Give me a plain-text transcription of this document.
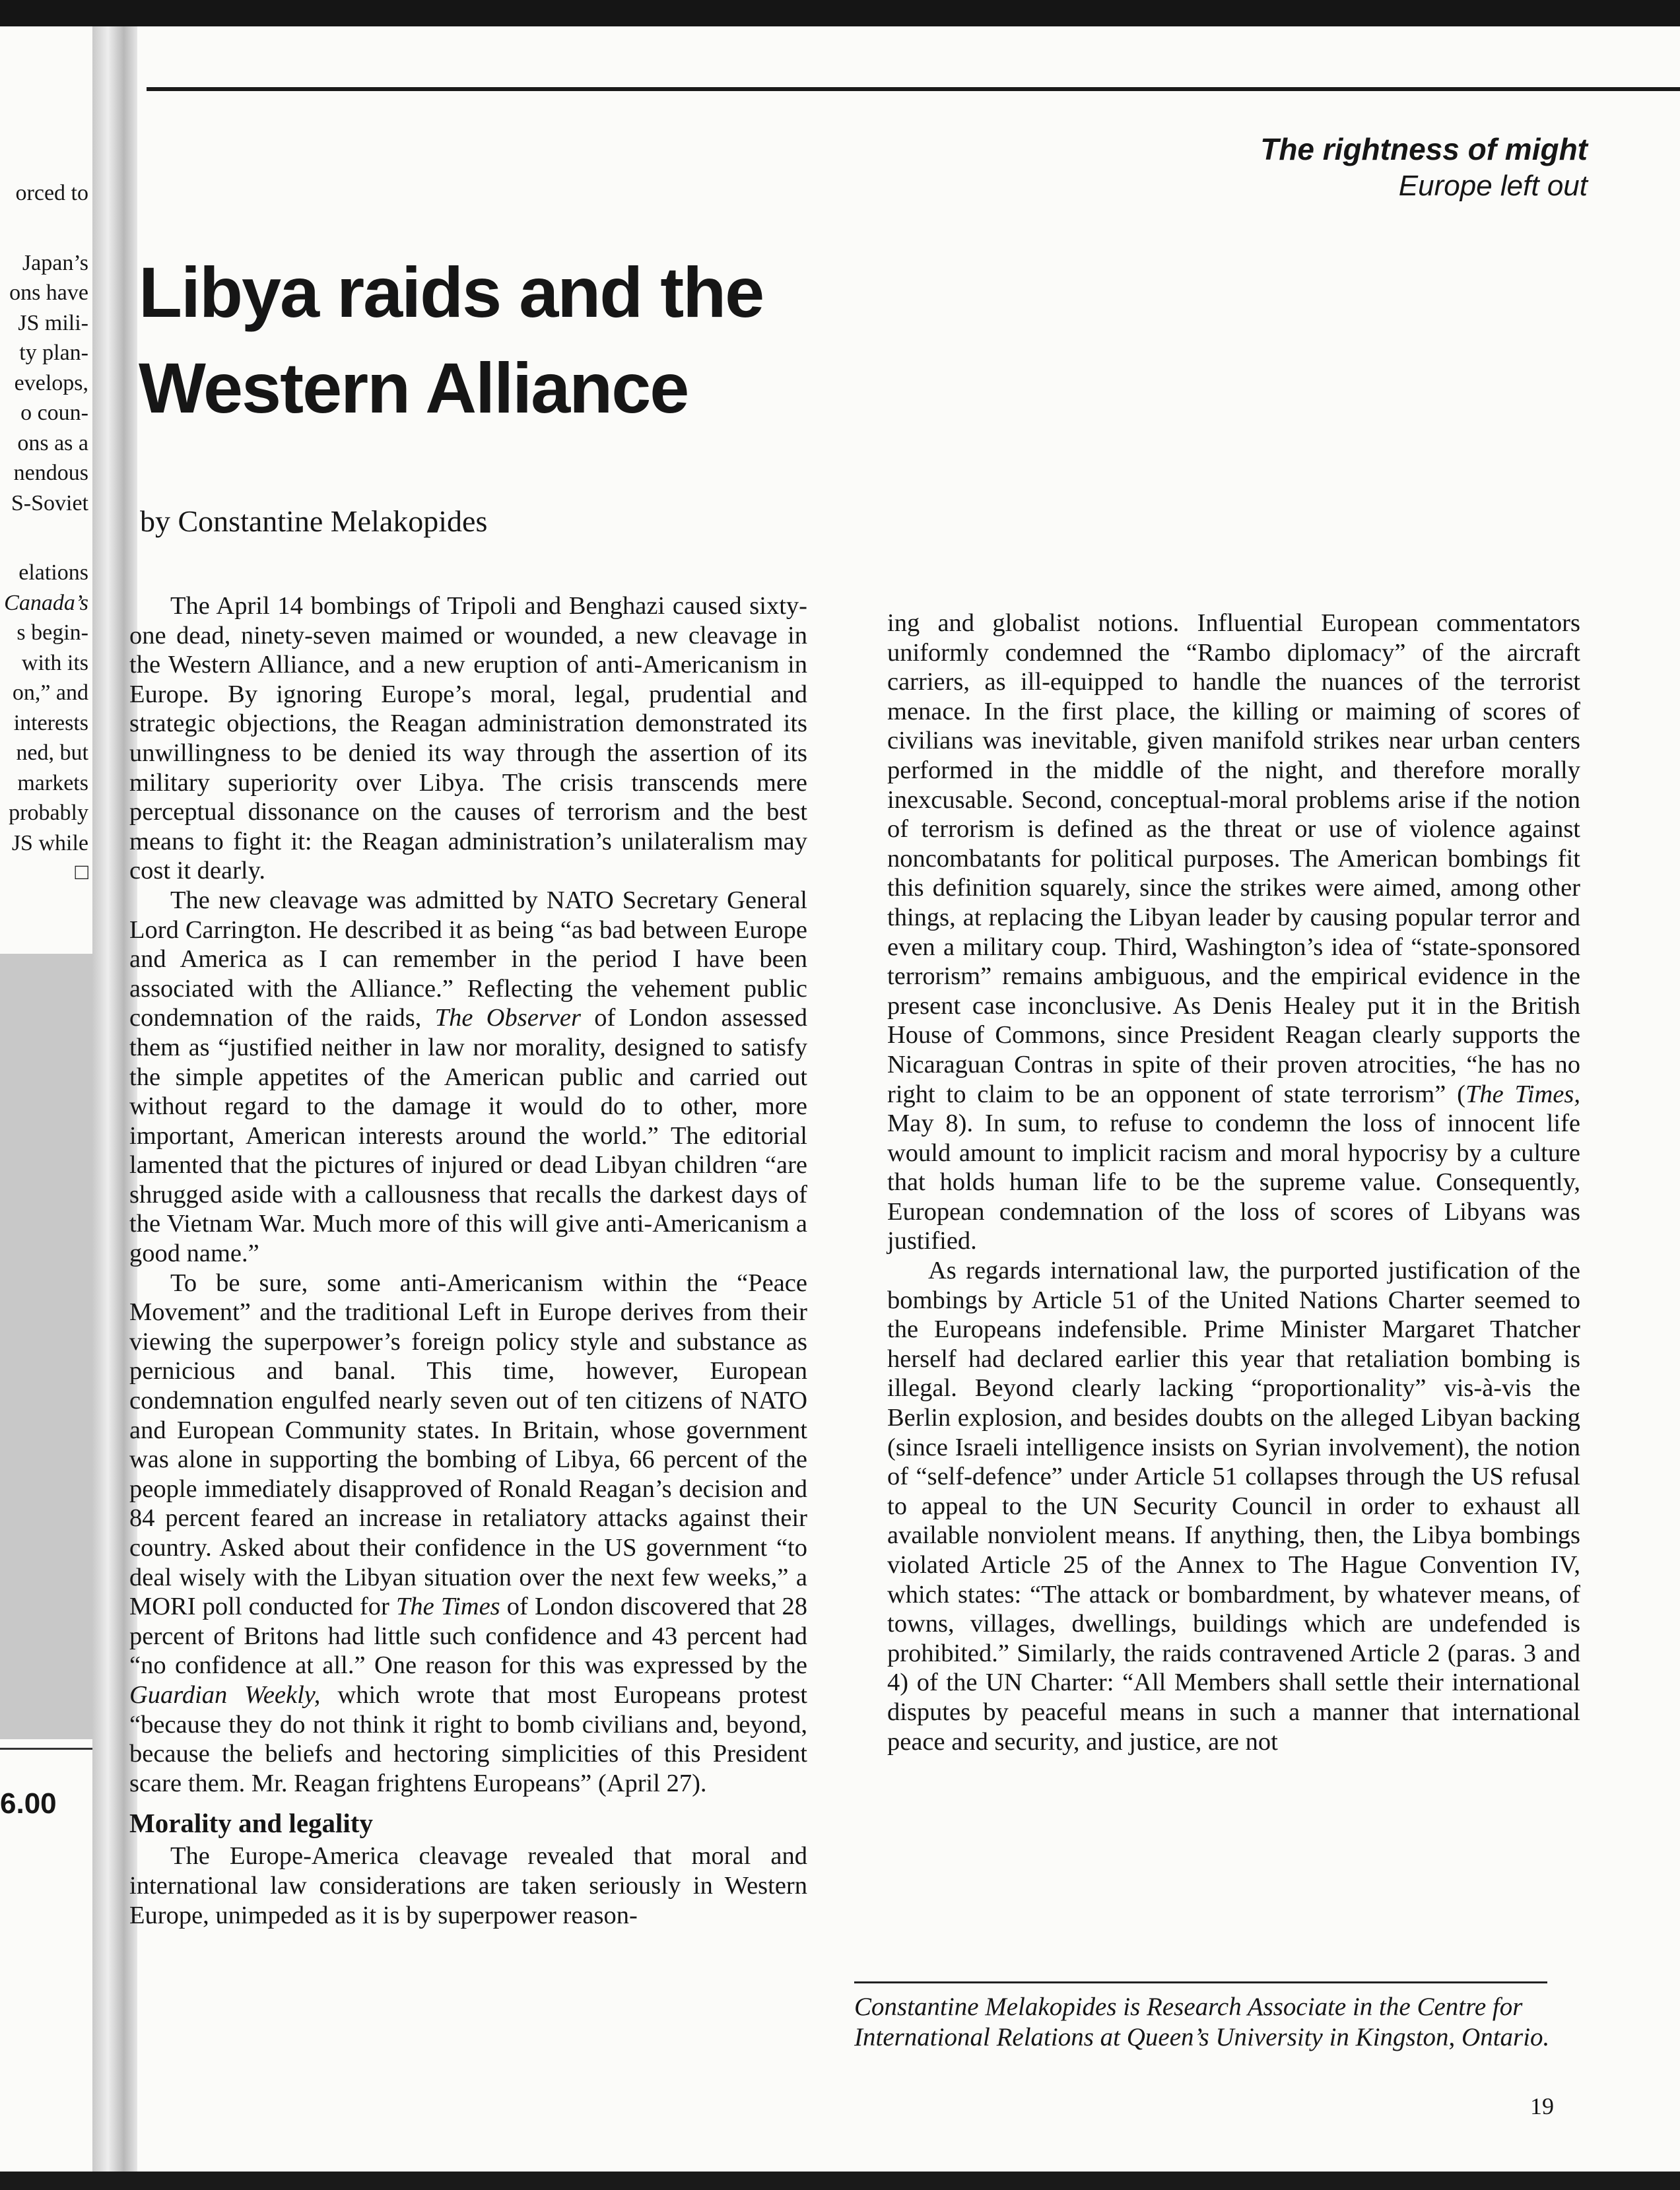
orced to
Japan’s
ons have
JS mili-
ty plan-
evelops,
o coun-
ons as a
nendous
S-Soviet
elations
Canada’s
s begin-
with its
on,” and
interests
ned, but
markets
probably
JS while
□
6.00
The rightness of might
Europe left out
Libya raids and the
Western Alliance
by Constantine Melakopides

The April 14 bombings of Tripoli and Benghazi caused sixty-one dead, ninety-seven maimed or wounded, a new cleavage in the Western Alliance, and a new eruption of anti-Americanism in Europe. By ignoring Europe’s moral, legal, prudential and strategic objections, the Reagan administration demonstrated its unwillingness to be denied its way through the assertion of its military superiority over Libya. The crisis transcends mere perceptual dissonance on the causes of terrorism and the best means to fight it: the Reagan administration’s unilateralism may cost it dearly.

The new cleavage was admitted by NATO Secretary General Lord Carrington. He described it as being “as bad between Europe and America as I can remember in the period I have been associated with the Alliance.” Reflecting the vehement public condemnation of the raids, The Observer of London assessed them as “justified neither in law nor morality, designed to satisfy the simple appetites of the American public and carried out without regard to the damage it would do to other, more important, American interests around the world.” The editorial lamented that the pictures of injured or dead Libyan children “are shrugged aside with a callousness that recalls the darkest days of the Vietnam War. Much more of this will give anti-Americanism a good name.”

To be sure, some anti-Americanism within the “Peace Movement” and the traditional Left in Europe derives from their viewing the superpower’s foreign policy style and substance as pernicious and banal. This time, however, European condemnation engulfed nearly seven out of ten citizens of NATO and European Community states. In Britain, whose government was alone in supporting the bombing of Libya, 66 percent of the people immediately disapproved of Ronald Reagan’s decision and 84 percent feared an increase in retaliatory attacks against their country. Asked about their confidence in the US government “to deal wisely with the Libyan situation over the next few weeks,” a MORI poll conducted for The Times of London discovered that 28 percent of Britons had little such confidence and 43 percent had “no confidence at all.” One reason for this was expressed by the Guardian Weekly, which wrote that most Europeans protest “because they do not think it right to bomb civilians and, beyond, because the beliefs and hectoring simplicities of this President scare them. Mr. Reagan frightens Europeans” (April 27).

Morality and legality

The Europe-America cleavage revealed that moral and international law considerations are taken seriously in Western Europe, unimpeded as it is by superpower reason-

ing and globalist notions. Influential European commentators uniformly condemned the “Rambo diplomacy” of the aircraft carriers, as ill-equipped to handle the nuances of the terrorist menace. In the first place, the killing or maiming of scores of civilians was inevitable, given manifold strikes near urban centers performed in the middle of the night, and therefore morally inexcusable. Second, conceptual-moral problems arise if the notion of terrorism is defined as the threat or use of violence against noncombatants for political purposes. The American bombings fit this definition squarely, since the strikes were aimed, among other things, at replacing the Libyan leader by causing popular terror and even a military coup. Third, Washington’s idea of “state-sponsored terrorism” remains ambiguous, and the empirical evidence in the present case inconclusive. As Denis Healey put it in the British House of Commons, since President Reagan clearly supports the Nicaraguan Contras in spite of their proven atrocities, “he has no right to claim to be an opponent of state terrorism” (The Times, May 8). In sum, to refuse to condemn the loss of innocent life would amount to implicit racism and moral hypocrisy by a culture that holds human life to be the supreme value. Consequently, European condemnation of the loss of scores of Libyans was justified.

As regards international law, the purported justification of the bombings by Article 51 of the United Nations Charter seemed to the Europeans indefensible. Prime Minister Margaret Thatcher herself had declared earlier this year that retaliation bombing is illegal. Beyond clearly lacking “proportionality” vis-à-vis the Berlin explosion, and besides doubts on the alleged Libyan backing (since Israeli intelligence insists on Syrian involvement), the notion of “self-defence” under Article 51 collapses through the US refusal to appeal to the UN Security Council in order to exhaust all available nonviolent means. If anything, then, the Libya bombings violated Article 25 of the Annex to The Hague Convention IV, which states: “The attack or bombardment, by whatever means, of towns, villages, dwellings, buildings which are undefended is prohibited.” Similarly, the raids contravened Article 2 (paras. 3 and 4) of the UN Charter: “All Members shall settle their international disputes by peaceful means in such a manner that international peace and security, and justice, are not

Constantine Melakopides is Research Associate in the Centre for International Relations at Queen’s University in Kingston, Ontario.
19
